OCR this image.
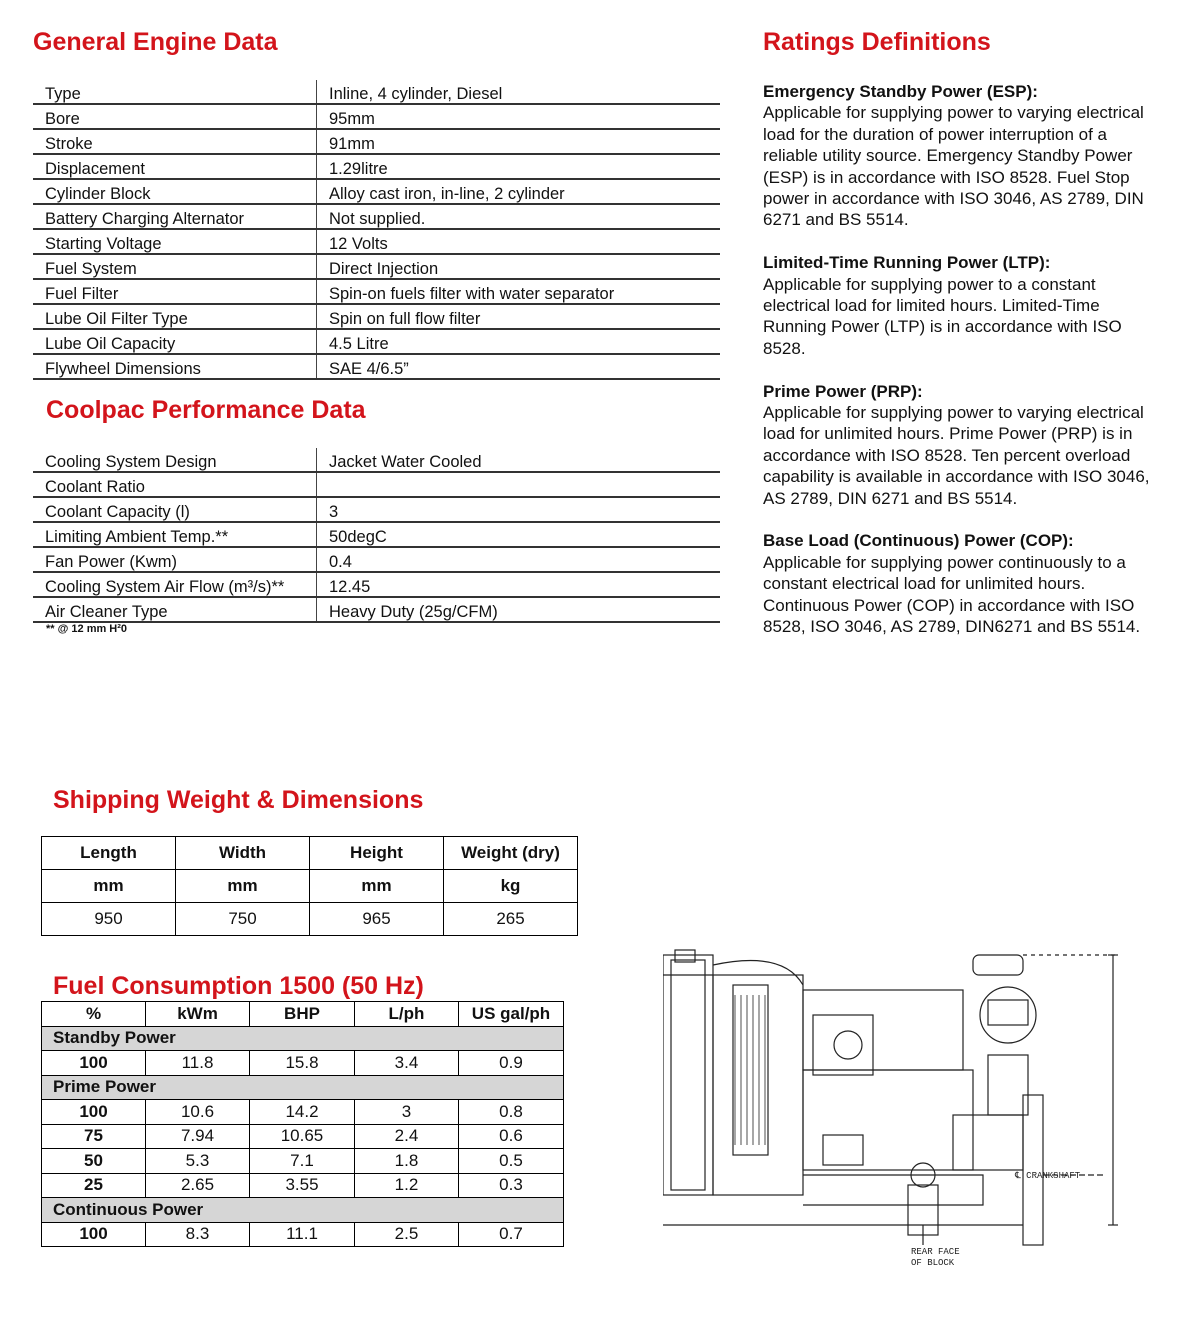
General Engine Data
Type	Inline, 4 cylinder, Diesel
Bore	95mm
Stroke	91mm
Displacement	1.29litre
Cylinder Block	Alloy cast iron, in-line, 2 cylinder
Battery Charging Alternator	Not supplied.
Starting Voltage	12 Volts
Fuel System	Direct Injection
Fuel Filter	Spin-on fuels filter with water separator
Lube Oil Filter Type	Spin on full flow filter
Lube Oil Capacity	4.5 Litre
Flywheel Dimensions	SAE 4/6.5”
Coolpac Performance Data
Cooling System Design	Jacket Water Cooled
Coolant Ratio	
Coolant Capacity (l)	3
Limiting Ambient Temp.**	50degC
Fan Power (Kwm)	0.4
Cooling System Air Flow (m³/s)**	12.45
Air Cleaner Type	Heavy Duty (25g/CFM)
** @ 12 mm H²0
Ratings Definitions
Emergency Standby Power (ESP):
Applicable for supplying power to varying electrical load for the duration of power interruption of a reliable utility source. Emergency Standby Power (ESP) is in accordance with ISO 8528. Fuel Stop power in accordance with ISO 3046, AS 2789, DIN 6271 and BS 5514.
Limited-Time Running Power (LTP):
Applicable for supplying power to a constant electrical load for limited hours. Limited-Time Running Power (LTP) is in accordance with ISO 8528.
Prime Power (PRP):
Applicable for supplying power to varying electrical load for unlimited hours. Prime Power (PRP) is in accordance with ISO 8528. Ten percent overload capability is available in accordance with ISO 3046, AS 2789, DIN 6271 and BS 5514.
Base Load (Continuous) Power (COP):
Applicable for supplying power continuously to a constant electrical load for unlimited hours. Continuous Power (COP) in accordance with ISO 8528, ISO 3046, AS 2789, DIN6271 and BS 5514.
Shipping Weight & Dimensions
Length	Width	Height	Weight (dry)
mm	mm	mm	kg
950	750	965	265
Fuel Consumption 1500 (50 Hz)
%	kWm	BHP	L/ph	US gal/ph
Standby Power				
100	11.8	15.8	3.4	0.9
Prime Power				
100	10.6	14.2	3	0.8
75	7.94	10.65	2.4	0.6
50	5.3	7.1	1.8	0.5
25	2.65	3.55	1.2	0.3
Continuous Power				
100	8.3	11.1	2.5	0.7
℄ CRANKSHAFT
REAR FACE
OF BLOCK
